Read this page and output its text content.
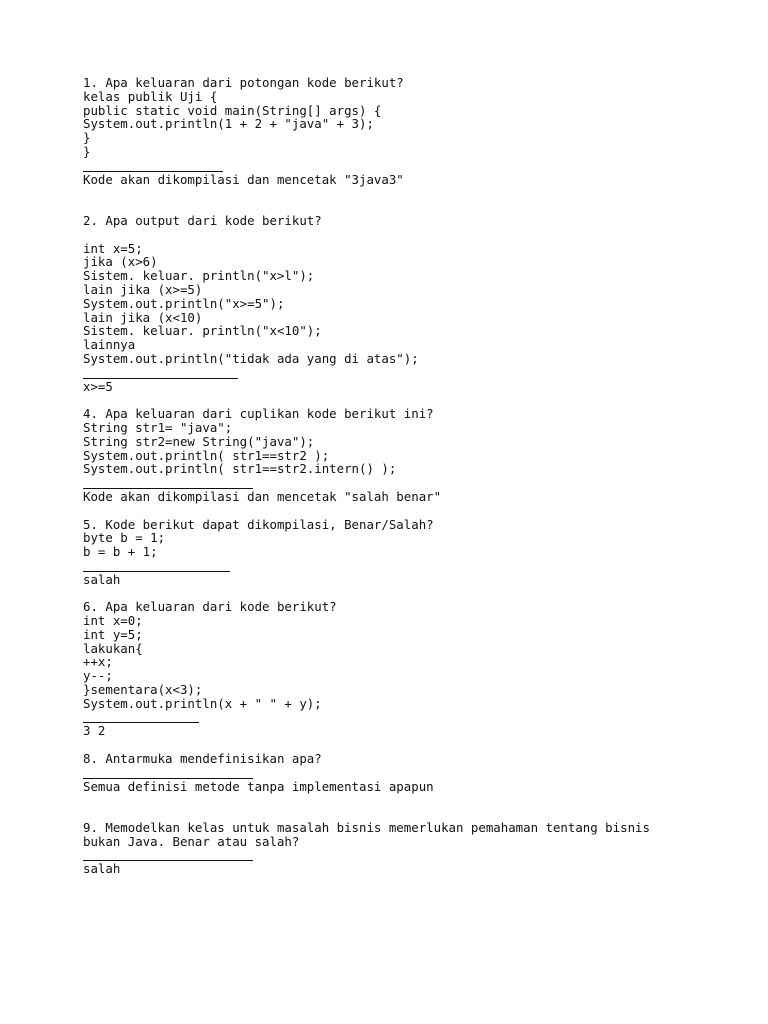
1. Apa keluaran dari potongan kode berikut?
kelas publik Uji {
public static void main(String[] args) {
System.out.println(1 + 2 + "java" + 3);
}
}
Kode akan dikompilasi dan mencetak "3java3"
2. Apa output dari kode berikut?
int x=5;
jika (x>6)
Sistem. keluar. println("x>l");
lain jika (x>=5)
System.out.println("x>=5");
lain jika (x<10)
Sistem. keluar. println("x<10");
lainnya
System.out.println("tidak ada yang di atas");
x>=5
4. Apa keluaran dari cuplikan kode berikut ini?
String str1= "java";
String str2=new String("java");
System.out.println( str1==str2 );
System.out.println( str1==str2.intern() );
Kode akan dikompilasi dan mencetak "salah benar"
5. Kode berikut dapat dikompilasi, Benar/Salah?
byte b = 1;
b = b + 1;
salah
6. Apa keluaran dari kode berikut?
int x=0;
int y=5;
lakukan{
++x;
y--;
}sementara(x<3);
System.out.println(x + " " + y);
3 2
8. Antarmuka mendefinisikan apa?
Semua definisi metode tanpa implementasi apapun
9. Memodelkan kelas untuk masalah bisnis memerlukan pemahaman tentang bisnis
bukan Java. Benar atau salah?
salah
